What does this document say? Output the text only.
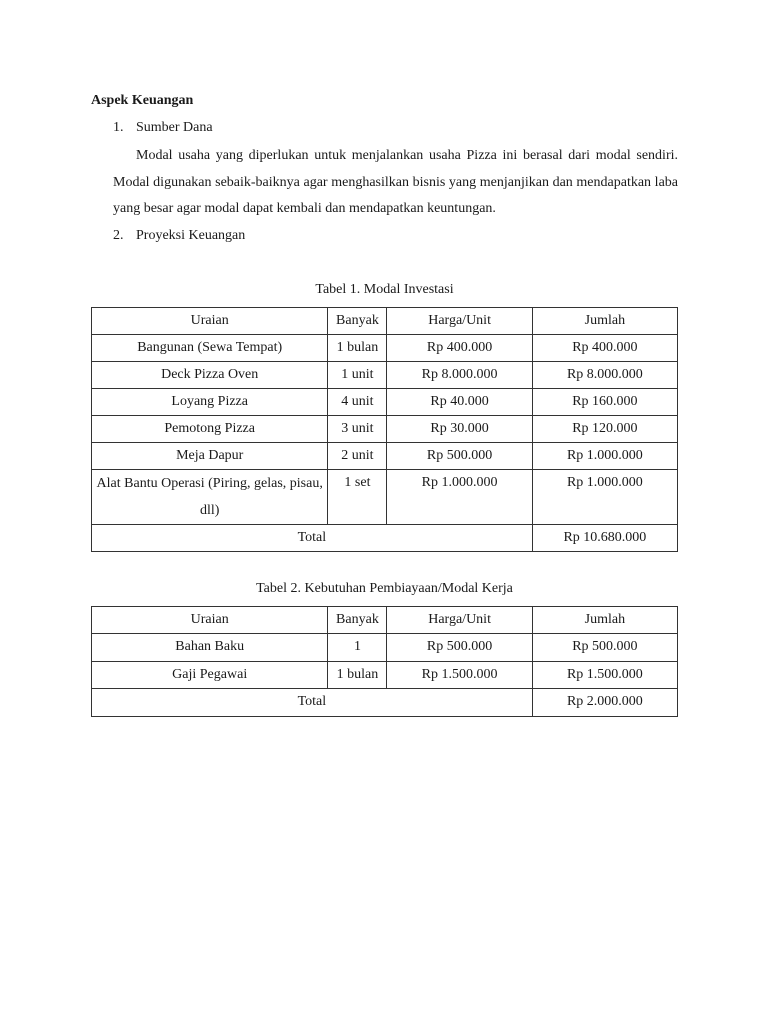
Aspek Keuangan
1. Sumber Dana
Modal usaha yang diperlukan untuk menjalankan usaha Pizza ini berasal dari modal sendiri. Modal digunakan sebaik-baiknya agar menghasilkan bisnis yang menjanjikan dan mendapatkan laba yang besar agar modal dapat kembali dan mendapatkan keuntungan.
2. Proyeksi Keuangan
Tabel 1. Modal Investasi
Uraian	Banyak	Harga/Unit	Jumlah
Bangunan (Sewa Tempat)	1 bulan	Rp 400.000	Rp 400.000
Deck Pizza Oven	1 unit	Rp 8.000.000	Rp 8.000.000
Loyang Pizza	4 unit	Rp 40.000	Rp 160.000
Pemotong Pizza	3 unit	Rp 30.000	Rp 120.000
Meja Dapur	2 unit	Rp 500.000	Rp 1.000.000
Alat Bantu Operasi (Piring, gelas, pisau, dll)	1 set	Rp 1.000.000	Rp 1.000.000
Total			Rp 10.680.000
Tabel 2. Kebutuhan Pembiayaan/Modal Kerja
Uraian	Banyak	Harga/Unit	Jumlah
Bahan Baku	1	Rp 500.000	Rp 500.000
Gaji Pegawai	1 bulan	Rp 1.500.000	Rp 1.500.000
Total			Rp 2.000.000
